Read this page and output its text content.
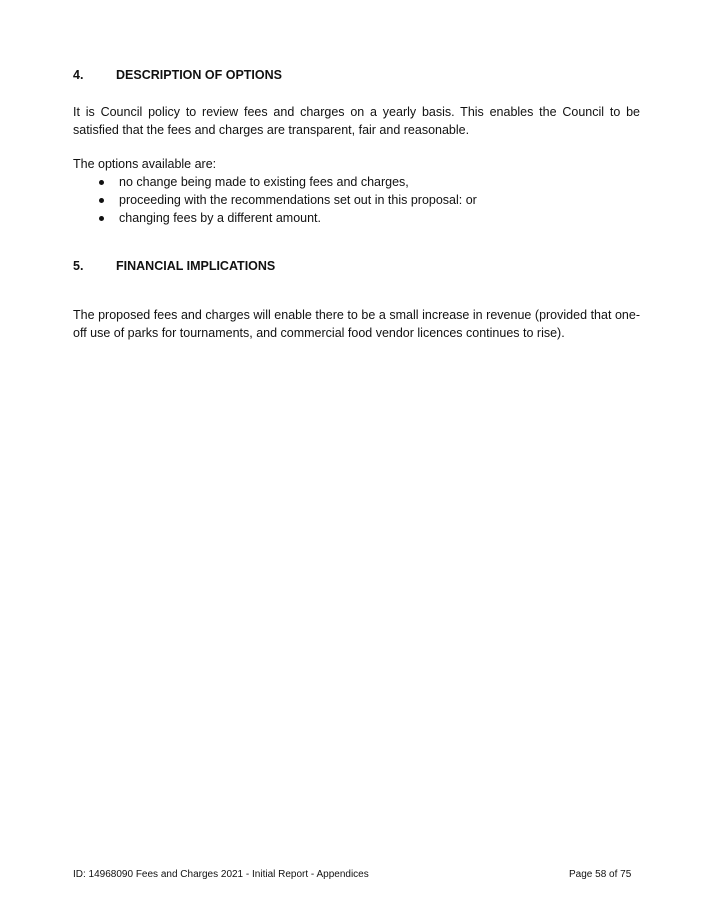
4.	DESCRIPTION OF OPTIONS
It is Council policy to review fees and charges on a yearly basis. This enables the Council to be satisfied that the fees and charges are transparent, fair and reasonable.
The options available are:
no change being made to existing fees and charges,
proceeding with the recommendations set out in this proposal: or
changing fees by a different amount.
5.	FINANCIAL IMPLICATIONS
The proposed fees and charges will enable there to be a small increase in revenue (provided that one-off use of parks for tournaments, and commercial food vendor licences continues to rise).
ID: 14968090 Fees and Charges 2021 - Initial Report - Appendices	Page 58 of 75
